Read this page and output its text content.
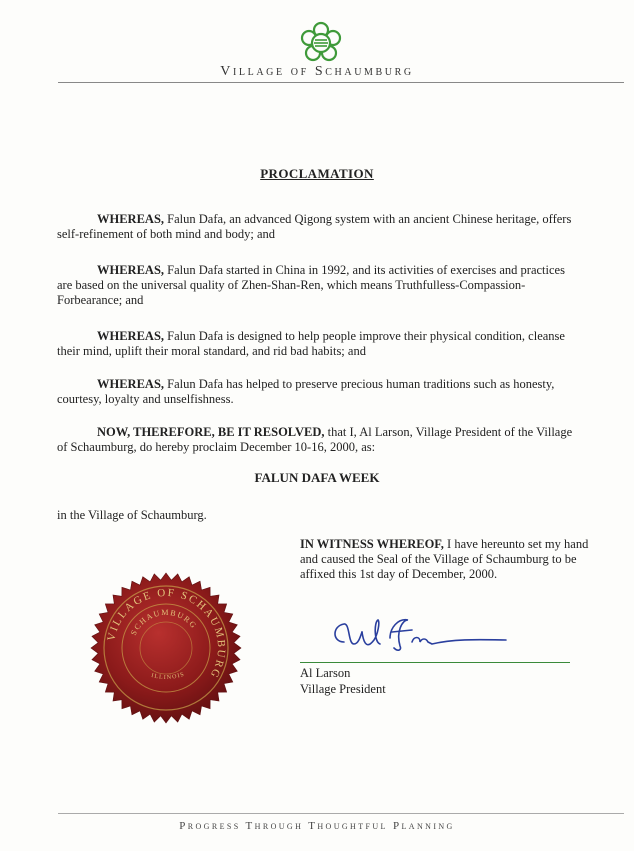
Village of Schaumburg
PROCLAMATION

WHEREAS, Falun Dafa, an advanced Qigong system with an ancient Chinese heritage, offers self-refinement of both mind and body; and

WHEREAS, Falun Dafa started in China in 1992, and its activities of exercises and practices are based on the universal quality of Zhen-Shan-Ren, which means Truthfulless-Compassion-Forbearance; and

WHEREAS, Falun Dafa is designed to help people improve their physical condition, cleanse their mind, uplift their moral standard, and rid bad habits; and

WHEREAS, Falun Dafa has helped to preserve precious human traditions such as honesty, courtesy, loyalty and unselfishness.

NOW, THEREFORE, BE IT RESOLVED, that I, Al Larson, Village President of the Village of Schaumburg, do hereby proclaim December 10-16, 2000, as:

FALUN DAFA WEEK
in the Village of Schaumburg.

IN WITNESS WHEREOF, I have hereunto set my hand and caused the Seal of the Village of Schaumburg to be affixed this 1st day of December, 2000.

Al Larson
Village President
VILLAGE OF SCHAUMBURG
SCHAUMBURG
ILLINOIS
Progress Through Thoughtful Planning
